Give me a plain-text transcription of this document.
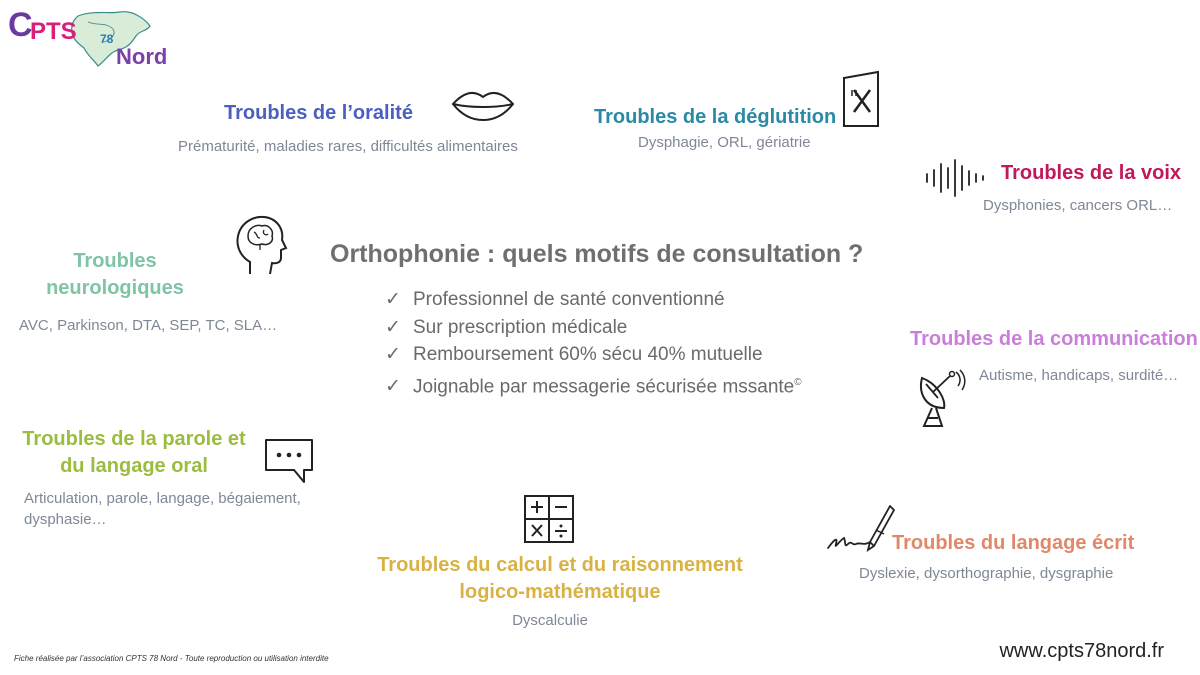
C
PTS 78
Nord
Troubles de l’oralité
Prématurité, maladies rares, difficultés alimentaires
Troubles de la déglutition
Dysphagie, ORL, gériatrie
Troubles de la voix
Dysphonies, cancers ORL…
Troubles
neurologiques
AVC, Parkinson, DTA, SEP, TC, SLA…
Troubles de la communication
Autisme, handicaps, surdité…
Troubles de la parole et
du langage oral
Articulation, parole, langage, bégaiement,
dysphasie…
Troubles du calcul et du raisonnement
logico-mathématique
Dyscalculie
Troubles du langage écrit
Dyslexie, dysorthographie, dysgraphie
Orthophonie : quels motifs de consultation ?
✓ Professionnel de santé conventionné
✓ Sur prescription médicale
✓ Remboursement 60% sécu 40% mutuelle
✓ Joignable par messagerie sécurisée mssante©
Fiche réalisée par l’association CPTS 78 Nord - Toute reproduction ou utilisation interdite	www.cpts78nord.fr
